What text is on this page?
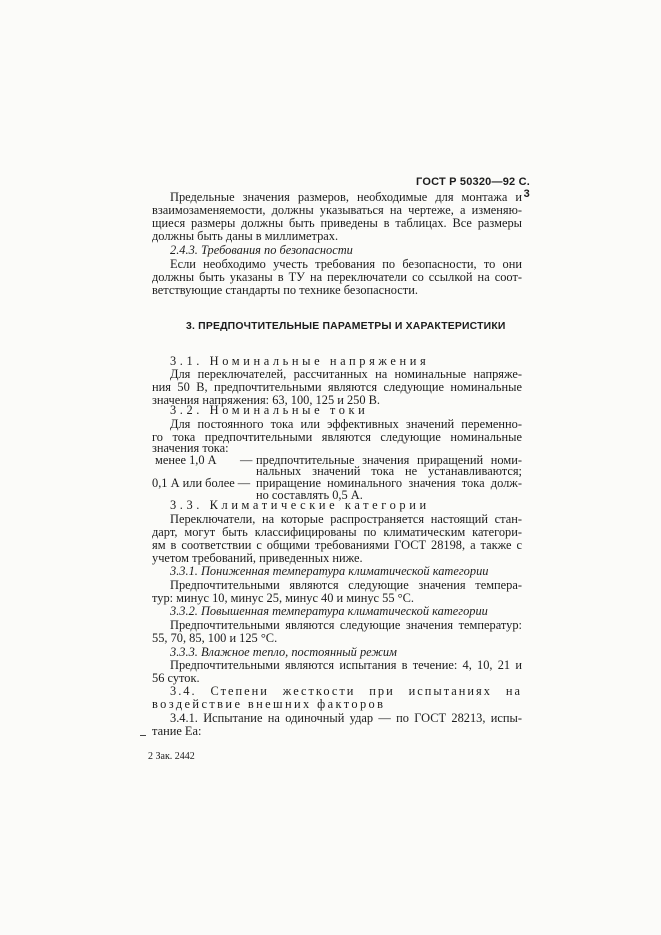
ГОСТ Р 50320—92 С. 3
Предельные значения размеров, необходимые для монтажа и
взаимозаменяемости, должны указываться на чертеже, а изменяю-
щиеся размеры должны быть приведены в таблицах. Все размеры
должны быть даны в миллиметрах.
2.4.3. Требования по безопасности
Если необходимо учесть требования по безопасности, то они
должны быть указаны в ТУ на переключатели со ссылкой на соот-
ветствующие стандарты по технике безопасности.
3. ПРЕДПОЧТИТЕЛЬНЫЕ ПАРАМЕТРЫ И ХАРАКТЕРИСТИКИ
3.1. Номинальные напряжения
Для переключателей, рассчитанных на номинальные напряже-
ния 50 В, предпочтительными являются следующие номинальные
значения напряжения: 63, 100, 125 и 250 В.
3.2. Номинальные токи
Для постоянного тока или эффективных значений переменно-
го тока предпочтительными являются следующие номинальные
значения тока:
менее 1,0 А — предпочтительные значения приращений номи-
нальных значений тока не устанавливаются;
0,1 А или более — приращение номинального значения тока долж-
но составлять 0,5 А.
3.3. Климатические категории
Переключатели, на которые распространяется настоящий стан-
дарт, могут быть классифицированы по климатическим категори-
ям в соответствии с общими требованиями ГОСТ 28198, а также с
учетом требований, приведенных ниже.
3.3.1. Пониженная температура климатической категории
Предпочтительными являются следующие значения темпера-
тур: минус 10, минус 25, минус 40 и минус 55 °С.
3.3.2. Повышенная температура климатической категории
Предпочтительными являются следующие значения температур:
55, 70, 85, 100 и 125 °С.
3.3.3. Влажное тепло, постоянный режим
Предпочтительными являются испытания в течение: 4, 10, 21 и
56 суток.
3.4. Степени жесткости при испытаниях на
воздействие внешних факторов
3.4.1. Испытание на одиночный удар — по ГОСТ 28213, испы-
тание Еа:
2 Зак. 2442
